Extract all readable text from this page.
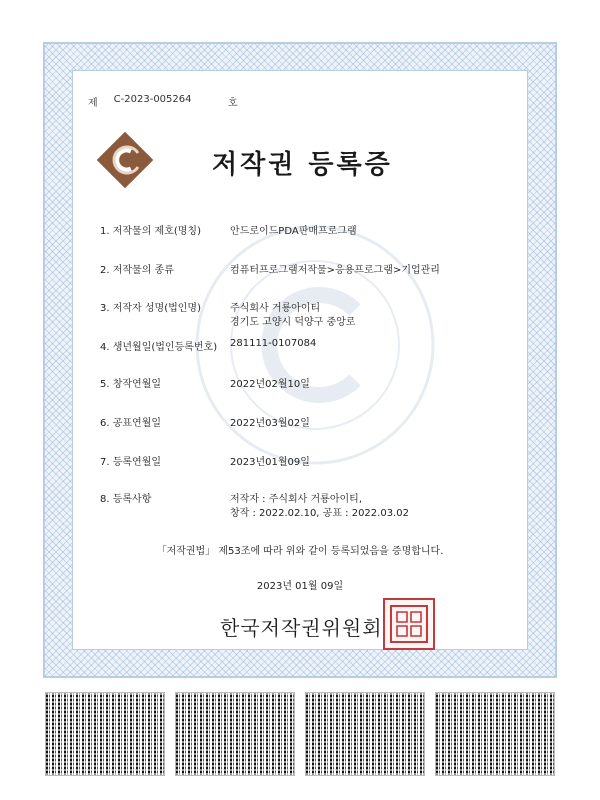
제 C-2023-005264	호
저작권 등록증
1. 저작물의 제호(명칭)	안드로이드PDA판매프로그램
2. 저작물의 종류	컴퓨터프로그램저작물>응용프로그램>기업관리
3. 저작자 성명(법인명)	주식회사 거룡아이티
경기도 고양시 덕양구 중앙로
4. 생년월일(법인등록번호) 281111-0107084
5. 창작연월일	2022년02월10일
6. 공표연월일	2022년03월02일
7. 등록연월일	2023년01월09일
8. 등록사항	저작자 : 주식회사 거룡아이티,
창작 : 2022.02.10, 공표 : 2022.03.02
「저작권법」 제53조에 따라 위와 같이 등록되었음을 증명합니다.
2023년 01월 09일
한국저작권위원회
